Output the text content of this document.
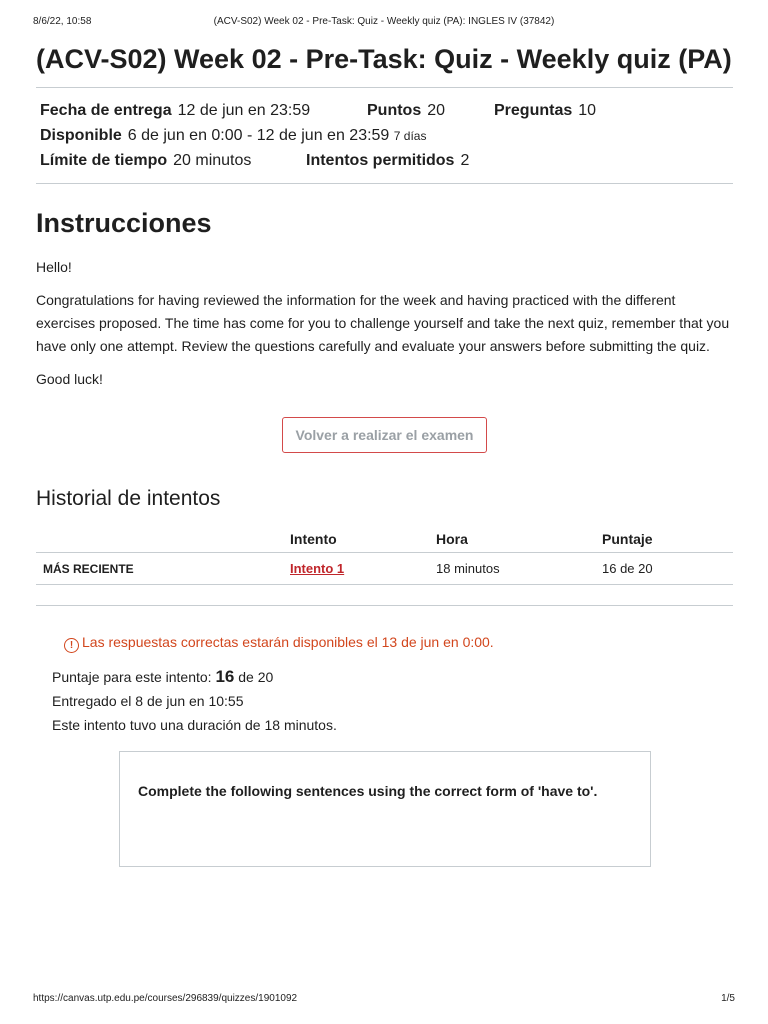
8/6/22, 10:58	(ACV-S02) Week 02 - Pre-Task: Quiz - Weekly quiz (PA): INGLES IV (37842)
(ACV-S02) Week 02 - Pre-Task: Quiz - Weekly quiz (PA)
Fecha de entrega 12 de jun en 23:59	Puntos 20	Preguntas 10
Disponible 6 de jun en 0:00 - 12 de jun en 23:59 7 días
Límite de tiempo 20 minutos	Intentos permitidos 2
Instrucciones

Hello!

Congratulations for having reviewed the information for the week and having practiced with the different exercises proposed. The time has come for you to challenge yourself and take the next quiz, remember that you have only one attempt. Review the questions carefully and evaluate your answers before submitting the quiz.

Good luck!

Volver a realizar el examen
Historial de intentos
	Intento	Hora	Puntaje
MÁS RECIENTE	Intento 1	18 minutos	16 de 20
! Las respuestas correctas estarán disponibles el 13 de jun en 0:00.
Puntaje para este intento: 16 de 20
Entregado el 8 de jun en 10:55
Este intento tuvo una duración de 18 minutos.
Complete the following sentences using the correct form of 'have to'.
https://canvas.utp.edu.pe/courses/296839/quizzes/1901092	1/5
